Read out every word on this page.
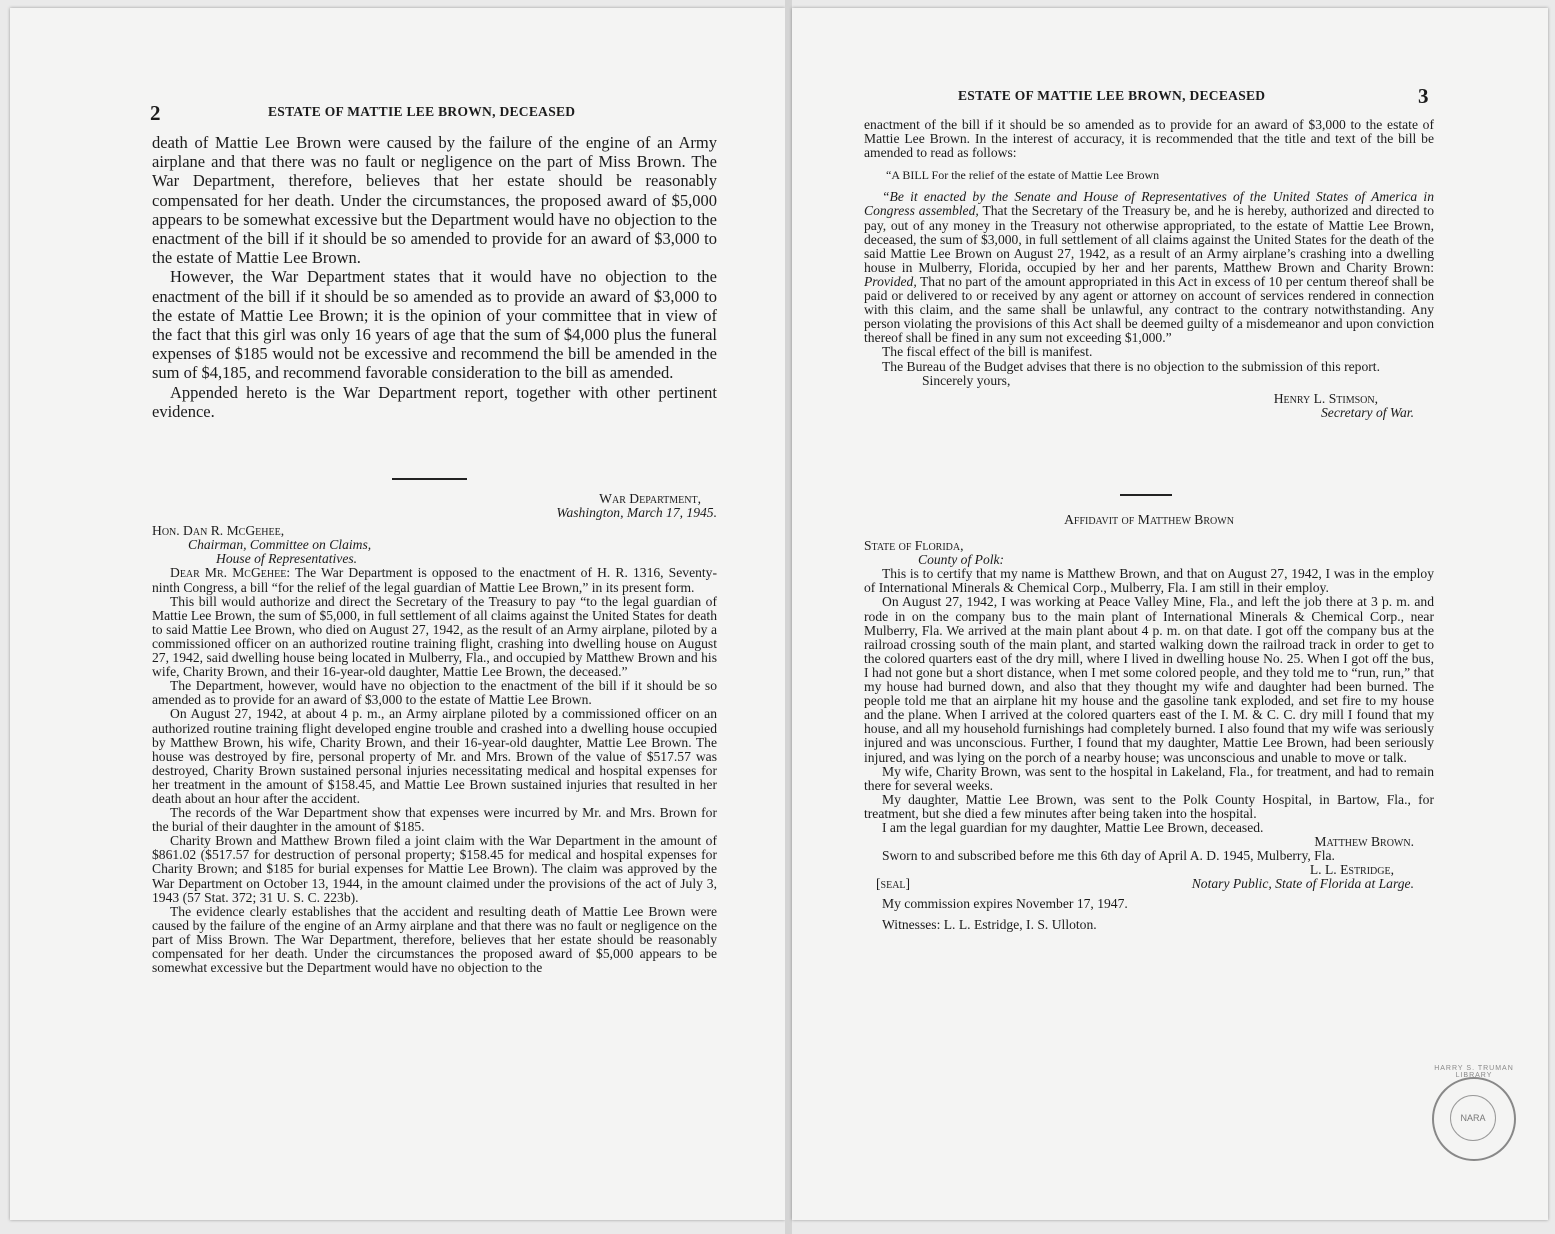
2	ESTATE OF MATTIE LEE BROWN, DECEASED

death of Mattie Lee Brown were caused by the failure of the engine of an Army airplane and that there was no fault or negligence on the part of Miss Brown. The War Department, therefore, believes that her estate should be reasonably compensated for her death. Under the circumstances, the proposed award of $5,000 appears to be somewhat excessive but the Department would have no objection to the enactment of the bill if it should be so amended to provide for an award of $3,000 to the estate of Mattie Lee Brown.

However, the War Department states that it would have no objection to the enactment of the bill if it should be so amended as to provide an award of $3,000 to the estate of Mattie Lee Brown; it is the opinion of your committee that in view of the fact that this girl was only 16 years of age that the sum of $4,000 plus the funeral expenses of $185 would not be excessive and recommend the bill be amended in the sum of $4,185, and recommend favorable consideration to the bill as amended.

Appended hereto is the War Department report, together with other pertinent evidence.

War Department,

Washington, March 17, 1945.

Hon. Dan R. McGehee,

Chairman, Committee on Claims,

House of Representatives.

Dear Mr. McGehee: The War Department is opposed to the enactment of H. R. 1316, Seventy-ninth Congress, a bill “for the relief of the legal guardian of Mattie Lee Brown,” in its present form.

This bill would authorize and direct the Secretary of the Treasury to pay “to the legal guardian of Mattie Lee Brown, the sum of $5,000, in full settlement of all claims against the United States for death to said Mattie Lee Brown, who died on August 27, 1942, as the result of an Army airplane, piloted by a commissioned officer on an authorized routine training flight, crashing into dwelling house on August 27, 1942, said dwelling house being located in Mulberry, Fla., and occupied by Matthew Brown and his wife, Charity Brown, and their 16-year-old daughter, Mattie Lee Brown, the deceased.”

The Department, however, would have no objection to the enactment of the bill if it should be so amended as to provide for an award of $3,000 to the estate of Mattie Lee Brown.

On August 27, 1942, at about 4 p. m., an Army airplane piloted by a commissioned officer on an authorized routine training flight developed engine trouble and crashed into a dwelling house occupied by Matthew Brown, his wife, Charity Brown, and their 16-year-old daughter, Mattie Lee Brown. The house was destroyed by fire, personal property of Mr. and Mrs. Brown of the value of $517.57 was destroyed, Charity Brown sustained personal injuries necessitating medical and hospital expenses for her treatment in the amount of $158.45, and Mattie Lee Brown sustained injuries that resulted in her death about an hour after the accident.

The records of the War Department show that expenses were incurred by Mr. and Mrs. Brown for the burial of their daughter in the amount of $185.

Charity Brown and Matthew Brown filed a joint claim with the War Department in the amount of $861.02 ($517.57 for destruction of personal property; $158.45 for medical and hospital expenses for Charity Brown; and $185 for burial expenses for Mattie Lee Brown). The claim was approved by the War Department on October 13, 1944, in the amount claimed under the provisions of the act of July 3, 1943 (57 Stat. 372; 31 U. S. C. 223b).

The evidence clearly establishes that the accident and resulting death of Mattie Lee Brown were caused by the failure of the engine of an Army airplane and that there was no fault or negligence on the part of Miss Brown. The War Department, therefore, believes that her estate should be reasonably compensated for her death. Under the circumstances the proposed award of $5,000 appears to be somewhat excessive but the Department would have no objection to the

ESTATE OF MATTIE LEE BROWN, DECEASED	3

enactment of the bill if it should be so amended as to provide for an award of $3,000 to the estate of Mattie Lee Brown. In the interest of accuracy, it is recommended that the title and text of the bill be amended to read as follows:

“A BILL For the relief of the estate of Mattie Lee Brown

“Be it enacted by the Senate and House of Representatives of the United States of America in Congress assembled, That the Secretary of the Treasury be, and he is hereby, authorized and directed to pay, out of any money in the Treasury not otherwise appropriated, to the estate of Mattie Lee Brown, deceased, the sum of $3,000, in full settlement of all claims against the United States for the death of the said Mattie Lee Brown on August 27, 1942, as a result of an Army airplane’s crashing into a dwelling house in Mulberry, Florida, occupied by her and her parents, Matthew Brown and Charity Brown: Provided, That no part of the amount appropriated in this Act in excess of 10 per centum thereof shall be paid or delivered to or received by any agent or attorney on account of services rendered in connection with this claim, and the same shall be unlawful, any contract to the contrary notwithstanding. Any person violating the provisions of this Act shall be deemed guilty of a misdemeanor and upon conviction thereof shall be fined in any sum not exceeding $1,000.”

The fiscal effect of the bill is manifest.

The Bureau of the Budget advises that there is no objection to the submission of this report.

Sincerely yours,

Henry L. Stimson,

Secretary of War.

Affidavit of Matthew Brown

State of Florida,

County of Polk:

This is to certify that my name is Matthew Brown, and that on August 27, 1942, I was in the employ of International Minerals & Chemical Corp., Mulberry, Fla. I am still in their employ.

On August 27, 1942, I was working at Peace Valley Mine, Fla., and left the job there at 3 p. m. and rode in on the company bus to the main plant of International Minerals & Chemical Corp., near Mulberry, Fla. We arrived at the main plant about 4 p. m. on that date. I got off the company bus at the railroad crossing south of the main plant, and started walking down the railroad track in order to get to the colored quarters east of the dry mill, where I lived in dwelling house No. 25. When I got off the bus, I had not gone but a short distance, when I met some colored people, and they told me to “run, run,” that my house had burned down, and also that they thought my wife and daughter had been burned. The people told me that an airplane hit my house and the gasoline tank exploded, and set fire to my house and the plane. When I arrived at the colored quarters east of the I. M. & C. C. dry mill I found that my house, and all my household furnishings had completely burned. I also found that my wife was seriously injured and was unconscious. Further, I found that my daughter, Mattie Lee Brown, had been seriously injured, and was lying on the porch of a nearby house; was unconscious and unable to move or talk.

My wife, Charity Brown, was sent to the hospital in Lakeland, Fla., for treatment, and had to remain there for several weeks.

My daughter, Mattie Lee Brown, was sent to the Polk County Hospital, in Bartow, Fla., for treatment, but she died a few minutes after being taken into the hospital.

I am the legal guardian for my daughter, Mattie Lee Brown, deceased.

Matthew Brown.

Sworn to and subscribed before me this 6th day of April A. D. 1945, Mulberry, Fla.

L. L. Estridge,

[seal]	Notary Public, State of Florida at Large.

My commission expires November 17, 1947.

Witnesses: L. L. Estridge, I. S. Ulloton.

HARRY S. TRUMAN LIBRARY
NARA
